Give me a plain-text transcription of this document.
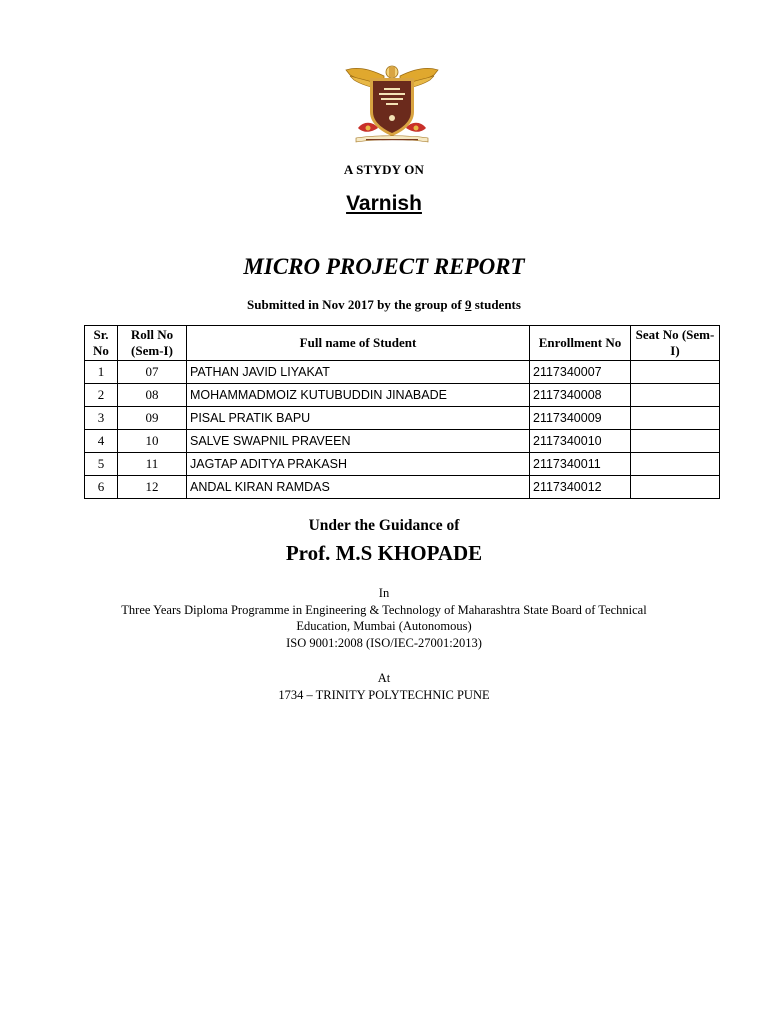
A STYDY ON
Varnish
MICRO PROJECT REPORT
Submitted in Nov 2017 by the group of 9 students
Sr. No	Roll No (Sem-I)	Full name of Student	Enrollment No	Seat No (Sem-I)
1	07	PATHAN JAVID LIYAKAT	2117340007	
2	08	MOHAMMADMOIZ KUTUBUDDIN JINABADE	2117340008	
3	09	PISAL PRATIK BAPU	2117340009	
4	10	SALVE SWAPNIL PRAVEEN	2117340010	
5	11	JAGTAP ADITYA PRAKASH	2117340011	
6	12	ANDAL KIRAN RAMDAS	2117340012	
Under the Guidance of
Prof. M.S KHOPADE
In
Three Years Diploma Programme in Engineering & Technology of Maharashtra State Board of Technical Education, Mumbai (Autonomous)
ISO 9001:2008 (ISO/IEC-27001:2013)
At
1734 – TRINITY POLYTECHNIC PUNE
